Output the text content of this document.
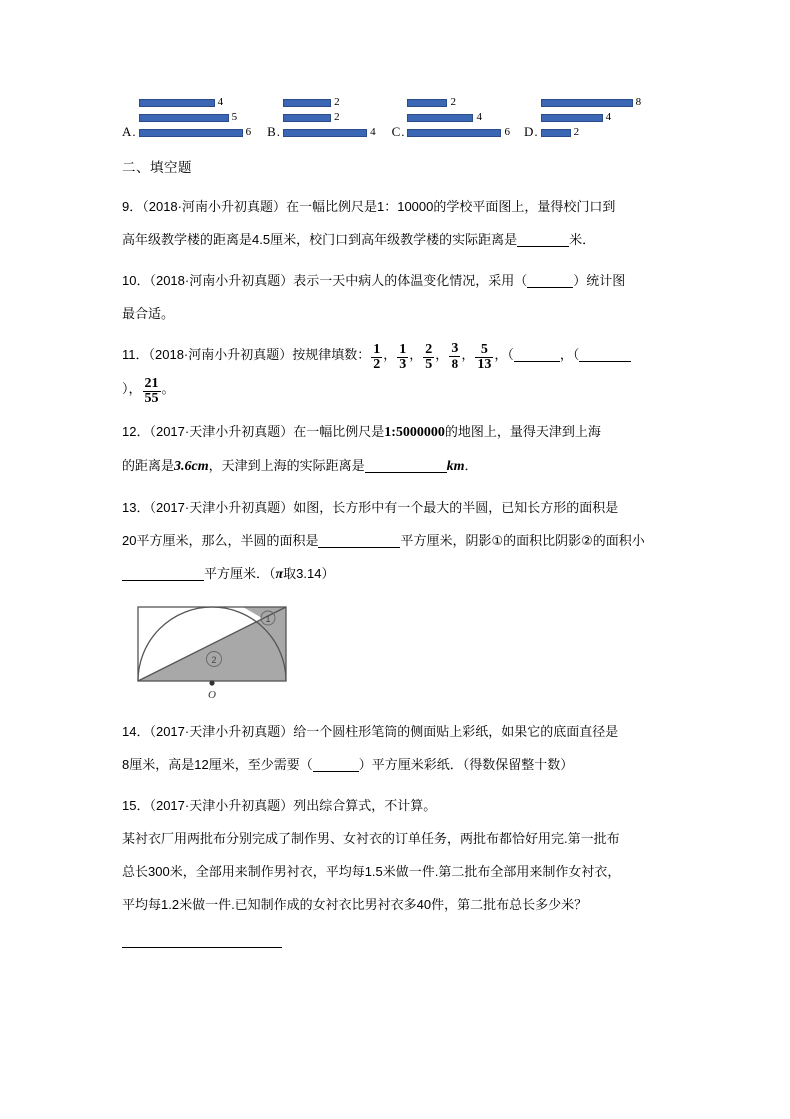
A.
4
5
6 B.
2
2
4 C.
2
4
6 D.
8
4
2
二、填空题

9．（2018·河南小升初真题）在一幅比例尺是1：10000的学校平面图上，量得校门口到

高年级教学楼的距离是4.5厘米，校门口到高年级教学楼的实际距离是	米．

10．（2018·河南小升初真题）表示一天中病人的体温变化情况，采用（	）统计图

最合适。

11．（2018·河南小升初真题）按规律填数： $\frac{1}{2}$ ， $\frac{1}{3}$ ， $\frac{2}{5}$ ， $\frac{3}{8}$ ， $\frac{5}{13}$ ，（	，（

）， $\frac{21}{55}$ 。

12．（2017·天津小升初真题）在一幅比例尺是1:5000000的地图上，量得天津到上海

的距离是3.6cm，天津到上海的实际距离是	km．

13．（2017·天津小升初真题）如图，长方形中有一个最大的半圆，已知长方形的面积是

20平方厘米，那么，半圆的面积是	平方厘米，阴影①的面积比阴影②的面积小

平方厘米．（π取3.14）

O
1
2

14．（2017·天津小升初真题）给一个圆柱形笔筒的侧面贴上彩纸，如果它的底面直径是

8厘米，高是12厘米，至少需要（	）平方厘米彩纸．（得数保留整十数）

15．（2017·天津小升初真题）列出综合算式，不计算。

某衬衣厂用两批布分别完成了制作男、女衬衣的订单任务，两批布都恰好用完.第一批布

总长300米，全部用来制作男衬衣，平均每1.5米做一件.第二批布全部用来制作女衬衣，

平均每1.2米做一件.已知制作成的女衬衣比男衬衣多40件，第二批布总长多少米？
